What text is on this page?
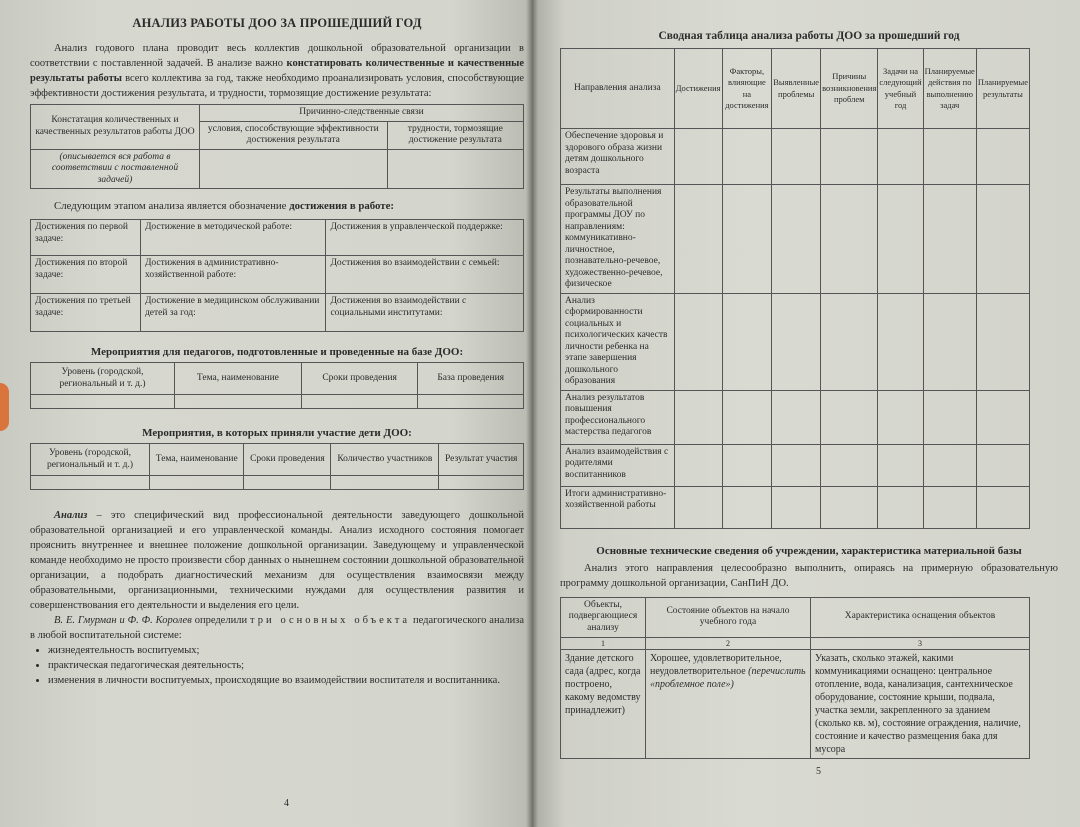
АНАЛИЗ РАБОТЫ ДОО ЗА ПРОШЕДШИЙ ГОД

Анализ годового плана проводит весь коллектив дошкольной образовательной организации в соответствии с поставленной задачей. В анализе важно констатировать количественные и качественные результаты работы всего коллектива за год, также необходимо проанализировать условия, способствующие эффективности достижения результата, и трудности, тормозящие достижение результата:

Констатация количественных и качественных результатов работы ДОО	Причинно-следственные связи	
	условия, способствующие эффективности достижения результата	трудности, тормозящие достижение результата
(описывается вся работа в соответствии с поставленной задачей)		

Следующим этапом анализа является обозначение достижения в работе:

Достижения по первой задаче:	Достижение в методической работе:	Достижения в управленческой поддержке:
Достижения по второй задаче:	Достижения в административно-хозяйственной работе:	Достижения во взаимодействии с семьей:
Достижения по третьей задаче:	Достижение в медицинском обслуживании детей за год:	Достижения во взаимодействии с социальными институтами:
Мероприятия для педагогов, подготовленные и проведенные на базе ДОО:
Уровень (городской, региональный и т. д.)	Тема, наименование	Сроки проведения	База проведения

Мероприятия, в которых приняли участие дети ДОО:
Уровень (городской, региональный и т. д.)	Тема, наименование	Сроки проведения	Количество участников	Результат участия

Анализ – это специфический вид профессиональной деятельности заведующего дошкольной образовательной организацией и его управленческой команды. Анализ исходного состояния помогает прояснить внутреннее и внешнее положение дошкольной организации. Заведующему и управленческой команде необходимо не просто произвести сбор данных о нынешнем состоянии дошкольной образовательной организации, а подобрать диагностический механизм для осуществления взаимосвязи между образовательными, организационными, техническими нуждами для осуществления развития и совершенствования его деятельности и выделения его цели.

В. Е. Гмурман и Ф. Ф. Королев определили три основных объекта педагогического анализа в любой воспитательной системе:

• жизнедеятельность воспитуемых;
• практическая педагогическая деятельность;
• изменения в личности воспитуемых, происходящие во взаимодействии воспитателя и воспитанника.
4
Сводная таблица анализа работы ДОО за прошедший год
Направления анализа	Достижения	Факторы, влияющие на достижения	Выявленные проблемы	Причины возникновения проблем	Задачи на следующий учебный год	Планируемые действия по выполнению задач	Планируемые результаты
Обеспечение здоровья и здорового образа жизни детям дошкольного возраста							
Результаты выполнения образовательной программы ДОУ по направлениям: коммуникативно-личностное, познавательно-речевое, художественно-речевое, физическое							
Анализ сформированности социальных и психологических качеств личности ребенка на этапе завершения дошкольного образования							
Анализ результатов повышения профессионального мастерства педагогов							
Анализ взаимодействия с родителями воспитанников							
Итоги административно-хозяйственной работы							
Основные технические сведения об учреждении, характеристика материальной базы

Анализ этого направления целесообразно выполнить, опираясь на примерную образовательную программу дошкольной организации, СанПиН ДО.

Объекты, подвергающиеся анализу	Состояние объектов на начало учебного года	Характеристика оснащения объектов
1	2	3
Здание детского сада (адрес, когда построено, какому ведомству принадлежит)	Хорошее, удовлетворительное, неудовлетворительное (перечислить «проблемное поле»)	Указать, сколько этажей, какими коммуникациями оснащено: центральное отопление, вода, канализация, сантехническое оборудование, состояние крыши, подвала, участка земли, закрепленного за зданием (сколько кв. м), состояние ограждения, наличие, состояние и качество размещения бака для мусора
5
